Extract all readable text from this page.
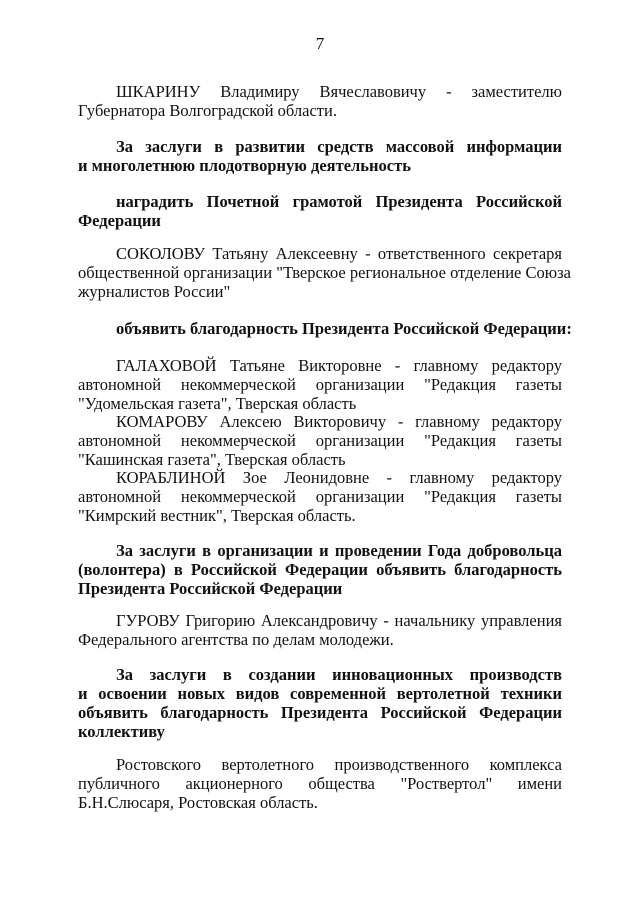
7
ШКАРИНУ Владимиру Вячеславовичу - заместителю
Губернатора Волгоградской области.
За заслуги в развитии средств массовой информации
и многолетнюю плодотворную деятельность
наградить Почетной грамотой Президента Российской
Федерации
СОКОЛОВУ Татьяну Алексеевну - ответственного секретаря
общественной организации "Тверское региональное отделение Союза
журналистов России"
объявить благодарность Президента Российской Федерации:
ГАЛАХОВОЙ Татьяне Викторовне - главному редактору
автономной некоммерческой организации "Редакция газеты
"Удомельская газета", Тверская область
КОМАРОВУ Алексею Викторовичу - главному редактору
автономной некоммерческой организации "Редакция газеты
"Кашинская газета", Тверская область
КОРАБЛИНОЙ Зое Леонидовне - главному редактору
автономной некоммерческой организации "Редакция газеты
"Кимрский вестник", Тверская область.
За заслуги в организации и проведении Года добровольца
(волонтера) в Российской Федерации объявить благодарность
Президента Российской Федерации
ГУРОВУ Григорию Александровичу - начальнику управления
Федерального агентства по делам молодежи.
За заслуги в создании инновационных производств
и освоении новых видов современной вертолетной техники
объявить благодарность Президента Российской Федерации
коллективу
Ростовского вертолетного производственного комплекса
публичного акционерного общества "Роствертол" имени
Б.Н.Слюсаря, Ростовская область.
